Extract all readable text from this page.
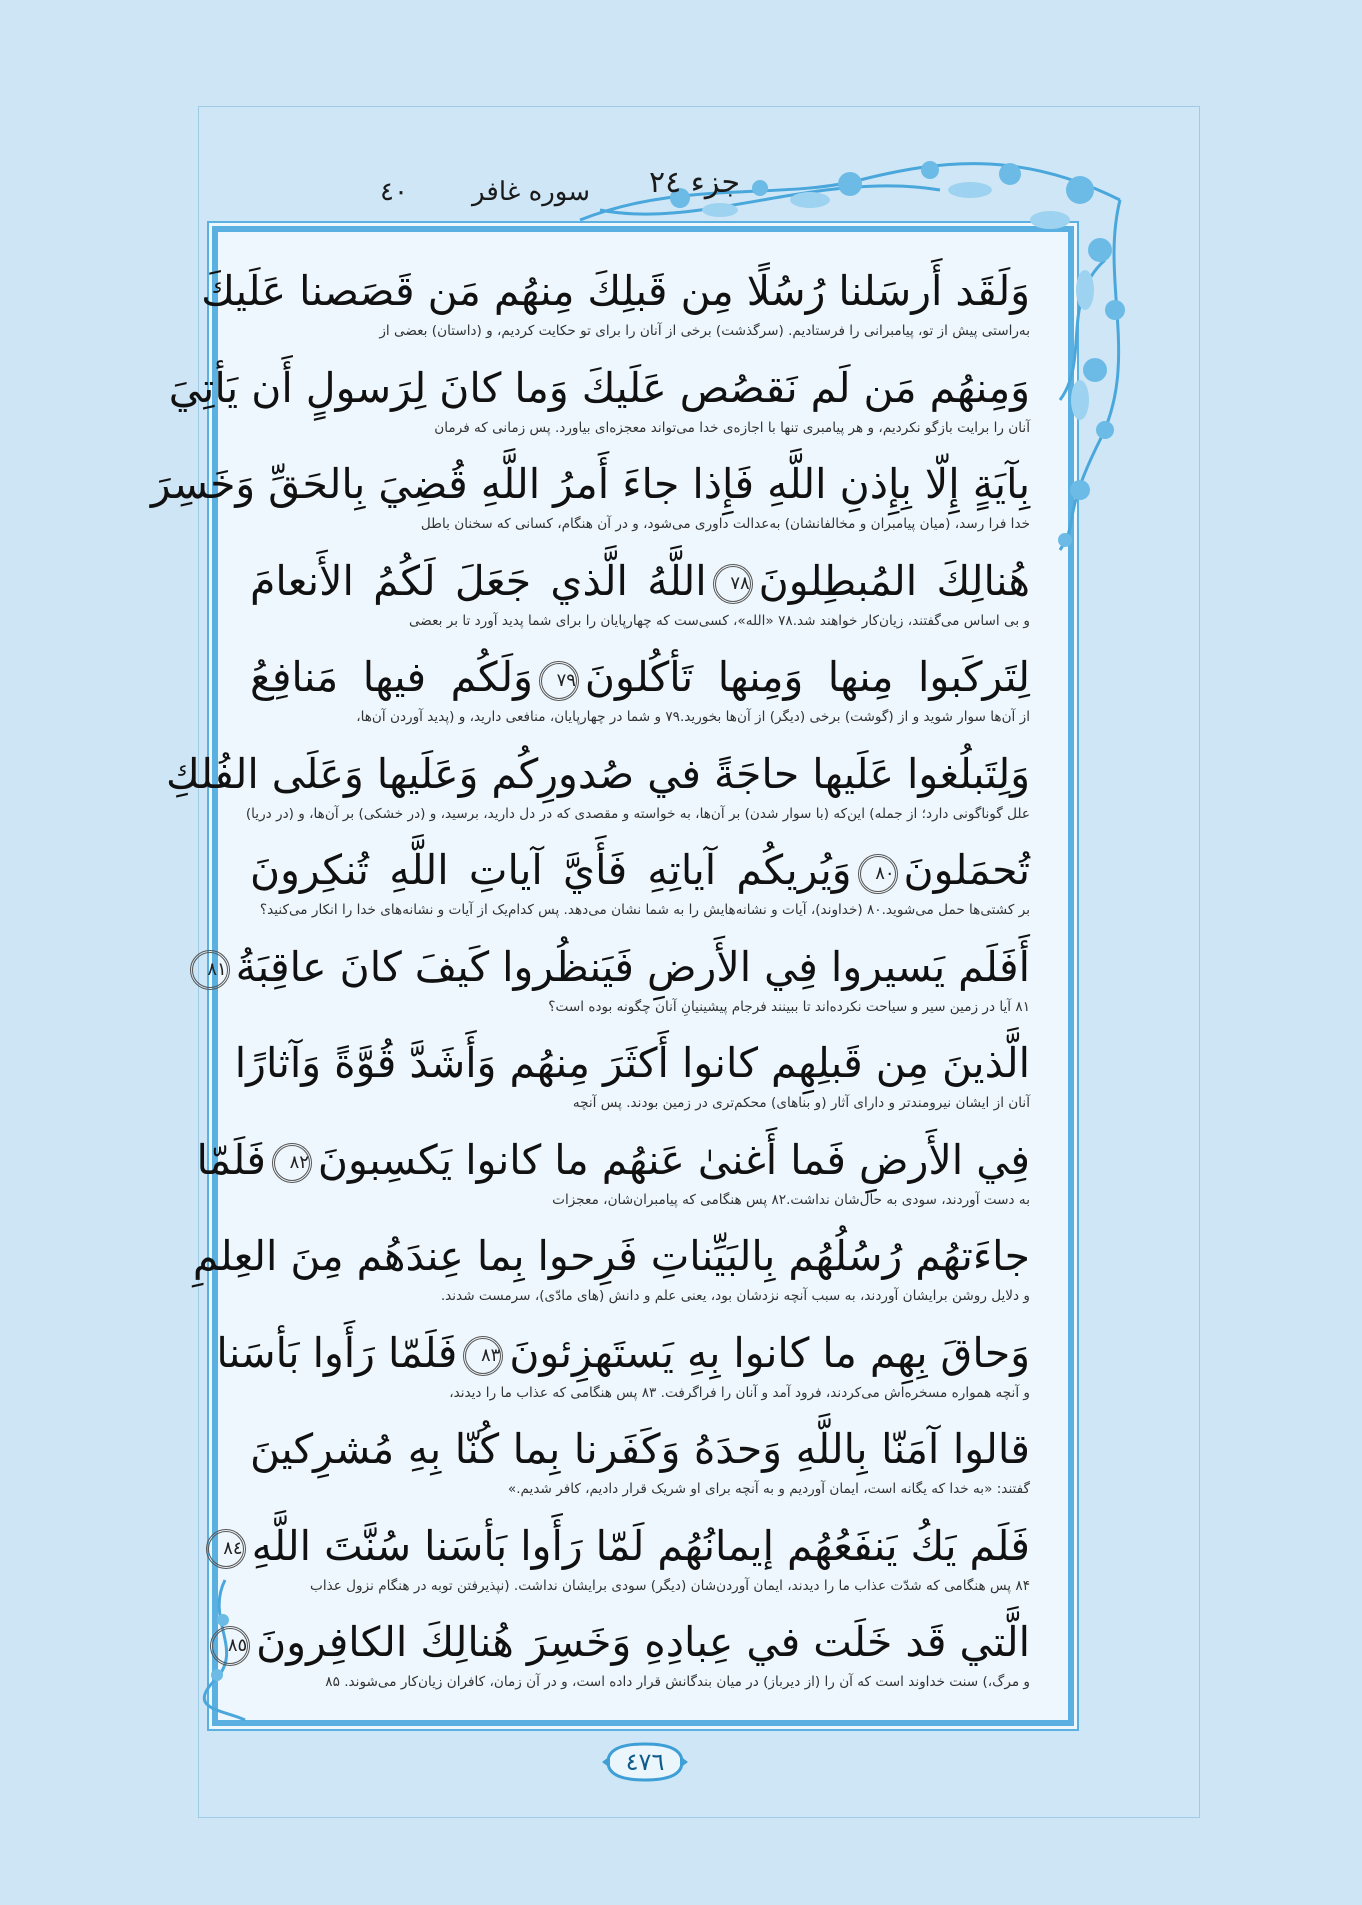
جزء ٢٤
سوره غافر
٤٠
وَلَقَد أَرسَلنا رُسُلًا مِن قَبلِكَ مِنهُم مَن قَصَصنا عَلَيكَ
به‌راستی پیش از تو، پیامبرانی را فرستادیم. (سرگذشت) برخی از آنان را برای تو حکایت کردیم، و (داستان) بعضی از
وَمِنهُم مَن لَم نَقصُص عَلَيكَ وَما كانَ لِرَسولٍ أَن يَأتِيَ
آنان را برایت بازگو نکردیم، و هر پیامبری تنها با اجازه‌ی خدا می‌تواند معجزه‌ای بیاورد. پس زمانی که فرمان
بِآيَةٍ إِلّا بِإِذنِ اللَّهِ فَإِذا جاءَ أَمرُ اللَّهِ قُضِيَ بِالحَقِّ وَخَسِرَ
خدا فرا رسد، (میان پیامبران و مخالفانشان) به‌عدالت داوری می‌شود، و در آن هنگام، کسانی که سخنان باطل
هُنالِكَ المُبطِلونَ٧٨اللَّهُ الَّذي جَعَلَ لَكُمُ الأَنعامَ
و بی اساس می‌گفتند، زیان‌کار خواهند شد.۷۸ «الله»، کسی‌ست که چهارپایان را برای شما پدید آورد تا بر بعضی
لِتَركَبوا مِنها وَمِنها تَأكُلونَ٧٩وَلَكُم فيها مَنافِعُ
از آن‌ها سوار شوید و از (گوشت) برخی (دیگر) از آن‌ها بخورید.۷۹ و شما در چهارپایان، منافعی دارید، و (پدید آوردن آن‌ها،
وَلِتَبلُغوا عَلَيها حاجَةً في صُدورِكُم وَعَلَيها وَعَلَى الفُلكِ
علل گوناگونی دارد؛ از جمله) این‌که (با سوار شدن) بر آن‌ها، به خواسته و مقصدی که در دل دارید، برسید، و (در خشکی) بر آن‌ها، و (در دریا)
تُحمَلونَ٨٠وَيُريكُم آياتِهِ فَأَيَّ آياتِ اللَّهِ تُنكِرونَ
بر کشتی‌ها حمل می‌شوید.۸۰ (خداوند)، آیات و نشانه‌هایش را به شما نشان می‌دهد. پس کدام‌یک از آیات و نشانه‌های خدا را انکار می‌کنید؟
أَفَلَم يَسيروا فِي الأَرضِ فَيَنظُروا كَيفَ كانَ عاقِبَةُ٨١
۸۱ آیا در زمین سیر و سیاحت نکرده‌اند تا ببینند فرجام پیشینیانِ آنان چگونه بوده است؟
الَّذينَ مِن قَبلِهِم كانوا أَكثَرَ مِنهُم وَأَشَدَّ قُوَّةً وَآثارًا
آنان از ایشان نیرومندتر و دارای آثار (و بناهای) محکم‌تری در زمین بودند. پس آنچه
فِي الأَرضِ فَما أَغنىٰ عَنهُم ما كانوا يَكسِبونَ٨٢فَلَمّا
به دست آوردند، سودی به حال‌شان نداشت.۸۲ پس هنگامی که پیامبران‌شان، معجزات
جاءَتهُم رُسُلُهُم بِالبَيِّناتِ فَرِحوا بِما عِندَهُم مِنَ العِلمِ
و دلایل روشن برایشان آوردند، به سبب آنچه نزدشان بود، یعنی علم و دانش (های مادّی)، سرمست شدند.
وَحاقَ بِهِم ما كانوا بِهِ يَستَهزِئونَ٨٣فَلَمّا رَأَوا بَأسَنا
و آنچه همواره مسخره‌اش می‌کردند، فرود آمد و آنان را فراگرفت. ۸۳ پس هنگامی که عذاب ما را دیدند،
قالوا آمَنّا بِاللَّهِ وَحدَهُ وَكَفَرنا بِما كُنّا بِهِ مُشرِكينَ
گفتند: «به خدا که یگانه است، ایمان آوردیم و به آنچه برای او شریک قرار دادیم، کافر شدیم.»
فَلَم يَكُ يَنفَعُهُم إيمانُهُم لَمّا رَأَوا بَأسَنا سُنَّتَ اللَّهِ٨٤
۸۴ پس هنگامی که شدّت عذاب ما را دیدند، ایمان آوردن‌شان (دیگر) سودی برایشان نداشت. (نپذیرفتن توبه در هنگام نزول عذاب
الَّتي قَد خَلَت في عِبادِهِ وَخَسِرَ هُنالِكَ الكافِرونَ٨٥
و مرگ،) سنت خداوند است که آن را (از دیرباز) در میان بندگانش قرار داده است، و در آن زمان، کافران زیان‌کار می‌شوند. ۸۵
٤٧٦
